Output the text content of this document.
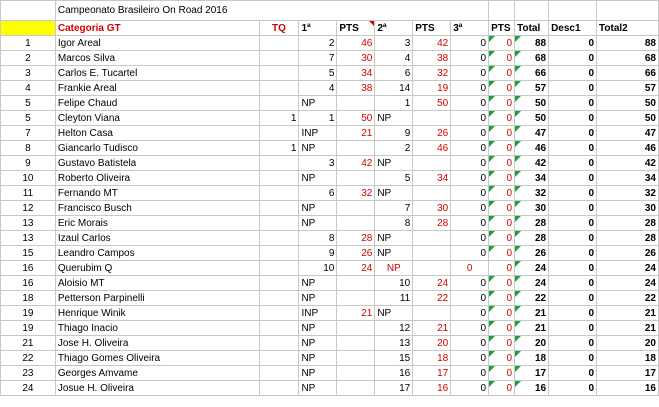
	Campeonato Brasileiro On Road 2016										
	Categoria GT	TQ	1ª	PTS	2ª	PTS	3ª	PTS	Total	Desc1	Total2
1	Igor Areal		2	46	3	42	0	0	88	0	88
2	Marcos Silva		7	30	4	38	0	0	68	0	68
3	Carlos E. Tucartel		5	34	6	32	0	0	66	0	66
4	Frankie Areal		4	38	14	19	0	0	57	0	57
5	Felipe Chaud		NP		1	50	0	0	50	0	50
5	Cleyton Viana	1	1	50	NP		0	0	50	0	50
7	Helton Casa		INP	21	9	26	0	0	47	0	47
8	Giancarlo Tudisco	1	NP		2	46	0	0	46	0	46
9	Gustavo Batistela		3	42	NP		0	0	42	0	42
10	Roberto Oliveira		NP		5	34	0	0	34	0	34
11	Fernando MT		6	32	NP		0	0	32	0	32
12	Francisco Busch		NP		7	30	0	0	30	0	30
13	Eric Morais		NP		8	28	0	0	28	0	28
13	Izaul Carlos		8	28	NP		0	0	28	0	28
15	Leandro Campos		9	26	NP		0	0	26	0	26
16	Querubim Q		10	24	NP		0	0	24	0	24
16	Aloisio MT		NP		10	24	0	0	24	0	24
18	Petterson Parpinelli		NP		11	22	0	0	22	0	22
19	Henrique Winik		INP	21	NP		0	0	21	0	21
19	Thiago Inacio		NP		12	21	0	0	21	0	21
21	Jose H. Oliveira		NP		13	20	0	0	20	0	20
22	Thiago Gomes Oliveira		NP		15	18	0	0	18	0	18
23	Georges Amvame		NP		16	17	0	0	17	0	17
24	Josue H. Oliveira		NP		17	16	0	0	16	0	16
